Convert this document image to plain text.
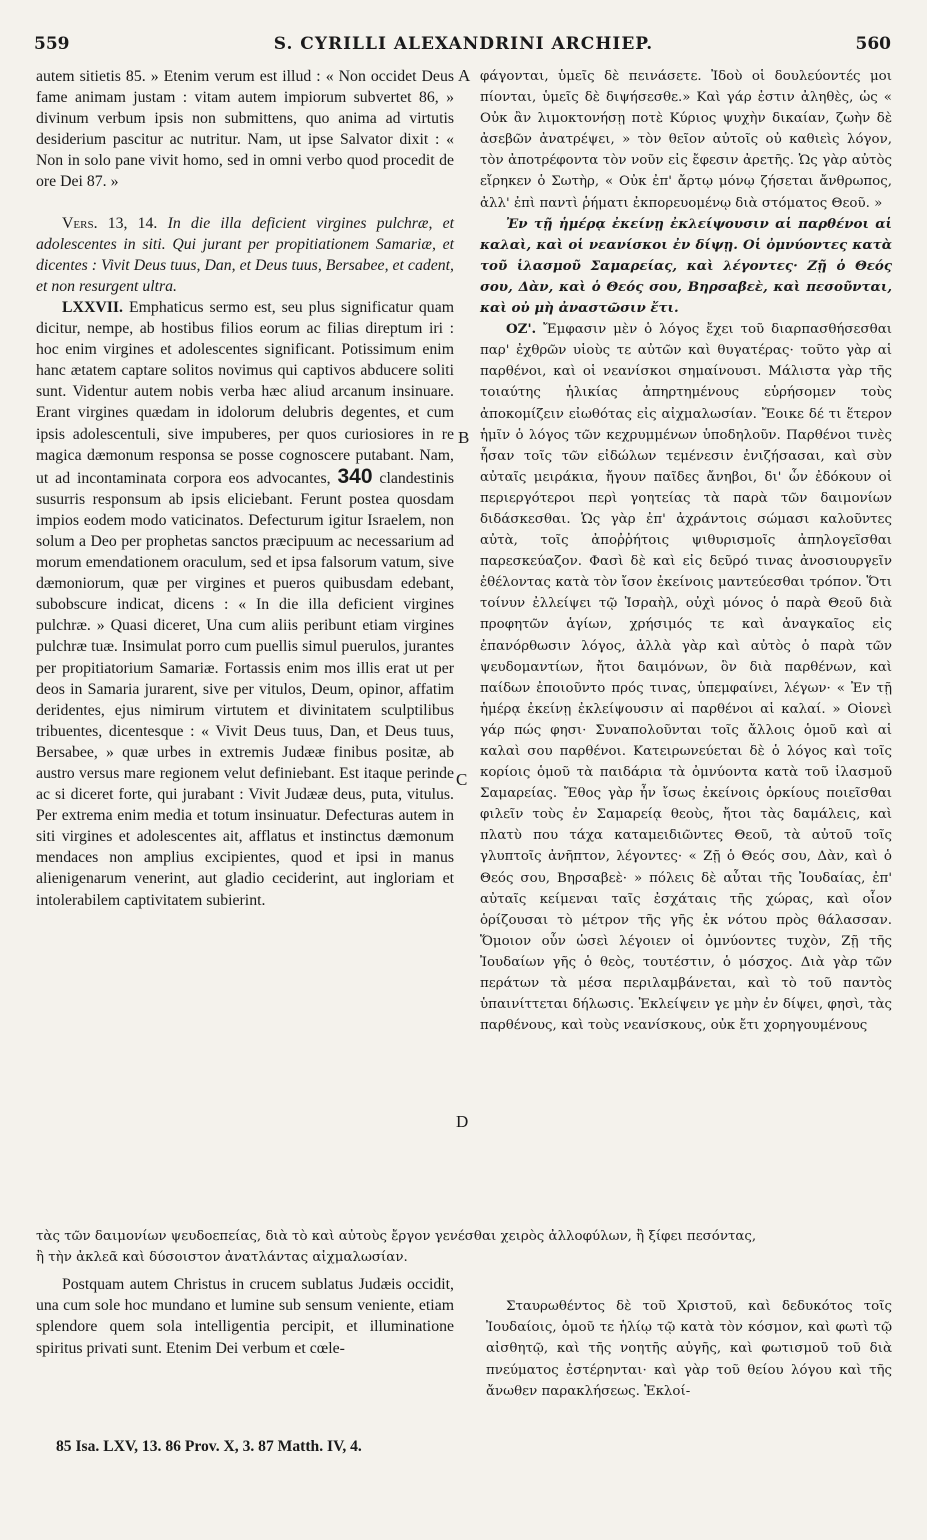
559	S. CYRILLI ALEXANDRINI ARCHIEP.	560

autem sitietis 85. » Etenim verum est illud : « Non occidet Deus fame animam justam : vitam autem impiorum subvertet 86, » divinum verbum ipsis non submittens, quo anima ad virtutis desiderium pascitur ac nutritur. Nam, ut ipse Salvator dixit : « Non in solo pane vivit homo, sed in omni verbo quod procedit de ore Dei 87. »

Vers. 13, 14. In die illa deficient virgines pulchræ, et adolescentes in siti. Qui jurant per propitiationem Samariæ, et dicentes : Vivit Deus tuus, Dan, et Deus tuus, Bersabee, et cadent, et non resurgent ultra.

LXXVII. Emphaticus sermo est, seu plus significatur quam dicitur, nempe, ab hostibus filios eorum ac filias direptum iri : hoc enim virgines et adolescentes significant. Potissimum enim hanc ætatem captare solitos novimus qui captivos abducere soliti sunt. Videntur autem nobis verba hæc aliud arcanum insinuare. Erant virgines quædam in idolorum delubris degentes, et cum ipsis adolescentuli, sive impuberes, per quos curiosiores in re magica dæmonum responsa se posse cognoscere putabant. Nam, ut ad incontaminata corpora eos advocantes, 340 clandestinis susurris responsum ab ipsis eliciebant. Ferunt postea quosdam impios eodem modo vaticinatos. Defecturum igitur Israelem, non solum a Deo per prophetas sanctos præcipuum ac necessarium ad morum emendationem oraculum, sed et ipsa falsorum vatum, sive dæmoniorum, quæ per virgines et pueros quibusdam edebant, subobscure indicat, dicens : « In die illa deficient virgines pulchræ. » Quasi diceret, Una cum aliis peribunt etiam virgines pulchræ tuæ. Insimulat porro cum puellis simul puerulos, jurantes per propitiatorium Samariæ. Fortassis enim mos illis erat ut per deos in Samaria jurarent, sive per vitulos, Deum, opinor, affatim deridentes, ejus nimirum virtutem et divinitatem sculptilibus tribuentes, dicentesque : « Vivit Deus tuus, Dan, et Deus tuus, Bersabee, » quæ urbes in extremis Judææ finibus positæ, ab austro versus mare regionem velut definiebant. Est itaque perinde ac si diceret forte, qui jurabant : Vivit Judææ deus, puta, vitulus. Per extrema enim media et totum insinuatur. Defecturas autem in siti virgines et adolescentes ait, afflatus et instinctus dæmonum mendaces non amplius excipientes, quod et ipsi in manus alienigenarum venerint, aut gladio ceciderint, aut ingloriam et intolerabilem captivitatem subierint.

φάγονται, ὑμεῖς δὲ πεινάσετε. Ἰδοὺ οἱ δουλεύοντές μοι πίονται, ὑμεῖς δὲ διψήσεσθε.» Καὶ γάρ ἐστιν ἀληθὲς, ὡς « Οὐκ ἂν λιμοκτονήσῃ ποτὲ Κύριος ψυχὴν δικαίαν, ζωὴν δὲ ἀσεβῶν ἀνατρέψει, » τὸν θεῖον αὐτοῖς οὐ καθιεὶς λόγον, τὸν ἀποτρέφοντα τὸν νοῦν εἰς ἔφεσιν ἀρετῆς. Ὡς γὰρ αὐτὸς εἴρηκεν ὁ Σωτὴρ, « Οὐκ ἐπ' ἄρτῳ μόνῳ ζήσεται ἄνθρωπος, ἀλλ' ἐπὶ παντὶ ῥήματι ἐκπορευομένῳ διὰ στόματος Θεοῦ. »

Ἐν τῇ ἡμέρᾳ ἐκείνῃ ἐκλείψουσιν αἱ παρθένοι αἱ καλαὶ, καὶ οἱ νεανίσκοι ἐν δίψῃ. Οἱ ὀμνύοντες κατὰ τοῦ ἱλασμοῦ Σαμαρείας, καὶ λέγοντες· Ζῇ ὁ Θεός σου, Δὰν, καὶ ὁ Θεός σου, Βηρσαβεὲ, καὶ πεσοῦνται, καὶ οὐ μὴ ἀναστῶσιν ἔτι.

ΟΖ'. Ἔμφασιν μὲν ὁ λόγος ἔχει τοῦ διαρπασθήσεσθαι παρ' ἐχθρῶν υἱοὺς τε αὐτῶν καὶ θυγατέρας· τοῦτο γὰρ αἱ παρθένοι, καὶ οἱ νεανίσκοι σημαίνουσι. Μάλιστα γὰρ τῆς τοιαύτης ἡλικίας ἀπηρτημένους εὑρήσομεν τοὺς ἀποκομίζειν εἰωθότας εἰς αἰχμαλωσίαν. Ἔοικε δέ τι ἕτερον ἡμῖν ὁ λόγος τῶν κεχρυμμένων ὑποδηλοῦν. Παρθένοι τινὲς ἦσαν τοῖς τῶν εἰδώλων τεμένεσιν ἐνιζήσασαι, καὶ σὺν αὐταῖς μειράκια, ἤγουν παῖδες ἄνηβοι, δι' ὧν ἐδόκουν οἱ περιεργότεροι περὶ γοητείας τὰ παρὰ τῶν δαιμονίων διδάσκεσθαι. Ὡς γὰρ ἐπ' ἀχράντοις σώμασι καλοῦντες αὐτὰ, τοῖς ἀποῤῥήτοις ψιθυρισμοῖς ἀπηλογεῖσθαι παρεσκεύαζον. Φασὶ δὲ καὶ εἰς δεῦρό τινας ἀνοσιουργεῖν ἐθέλοντας κατὰ τὸν ἴσον ἐκείνοις μαντεύεσθαι τρόπον. Ὅτι τοίνυν ἐλλείψει τῷ Ἰσραὴλ, οὐχὶ μόνος ὁ παρὰ Θεοῦ διὰ προφητῶν ἁγίων, χρήσιμός τε καὶ ἀναγκαῖος εἰς ἐπανόρθωσιν λόγος, ἀλλὰ γὰρ καὶ αὐτὸς ὁ παρὰ τῶν ψευδομαντίων, ἤτοι δαιμόνων, ὃν διὰ παρθένων, καὶ παίδων ἐποιοῦντο πρός τινας, ὑπεμφαίνει, λέγων· « Ἐν τῇ ἡμέρᾳ ἐκείνῃ ἐκλείψουσιν αἱ παρθένοι αἱ καλαί. » Οἱονεὶ γάρ πώς φησι· Συναπολοῦνται τοῖς ἄλλοις ὁμοῦ καὶ αἱ καλαὶ σου παρθένοι. Κατειρωνεύεται δὲ ὁ λόγος καὶ τοῖς κορίοις ὁμοῦ τὰ παιδάρια τὰ ὀμνύοντα κατὰ τοῦ ἱλασμοῦ Σαμαρείας. Ἔθος γὰρ ἦν ἴσως ἐκείνοις ὁρκίους ποιεῖσθαι φιλεῖν τοὺς ἐν Σαμαρείᾳ θεοὺς, ἤτοι τὰς δαμάλεις, καὶ πλατὺ που τάχα καταμειδιῶντες Θεοῦ, τὰ αὐτοῦ τοῖς γλυπτοῖς ἀνῆπτον, λέγοντες· « Ζῇ ὁ Θεός σου, Δὰν, καὶ ὁ Θεός σου, Βηρσαβεὲ· » πόλεις δὲ αὗται τῆς Ἰουδαίας, ἐπ' αὐταῖς κείμεναι ταῖς ἐσχάταις τῆς χώρας, καὶ οἷον ὁρίζουσαι τὸ μέτρον τῆς γῆς ἐκ νότου πρὸς θάλασσαν. Ὅμοιον οὖν ὡσεὶ λέγοιεν οἱ ὀμνύοντες τυχὸν, Ζῇ τῆς Ἰουδαίων γῆς ὁ θεὸς, τουτέστιν, ὁ μόσχος. Διὰ γὰρ τῶν περάτων τὰ μέσα περιλαμβάνεται, καὶ τὸ τοῦ παντὸς ὑπαινίττεται δήλωσις. Ἐκλείψειν γε μὴν ἐν δίψει, φησὶ, τὰς παρθένους, καὶ τοὺς νεανίσκους, οὐκ ἔτι χορηγουμένους

A
B
C
D
τὰς τῶν δαιμονίων ψευδοεπείας, διὰ τὸ καὶ αὐτοὺς ἔργον γενέσθαι χειρὸς ἀλλοφύλων, ἢ ξίφει πεσόντας,
ἢ τὴν ἀκλεᾶ καὶ δύσοιστον ἀνατλάντας αἰχμαλωσίαν.
Postquam autem Christus in crucem sublatus Judæis occidit, una cum sole hoc mundano et lumine sub sensum veniente, etiam splendore quem sola intelligentia percipit, et illuminatione spiritus privati sunt. Etenim Dei verbum et cœle-
Σταυρωθέντος δὲ τοῦ Χριστοῦ, καὶ δεδυκότος τοῖς Ἰουδαίοις, ὁμοῦ τε ἡλίῳ τῷ κατὰ τὸν κόσμον, καὶ φωτὶ τῷ αἰσθητῷ, καὶ τῆς νοητῆς αὐγῆς, καὶ φωτισμοῦ τοῦ διὰ πνεύματος ἐστέρηνται· καὶ γὰρ τοῦ θείου λόγου καὶ τῆς ἄνωθεν παρακλήσεως. Ἐκλοί-
85 Isa. LXV, 13. 86 Prov. X, 3. 87 Matth. IV, 4.
